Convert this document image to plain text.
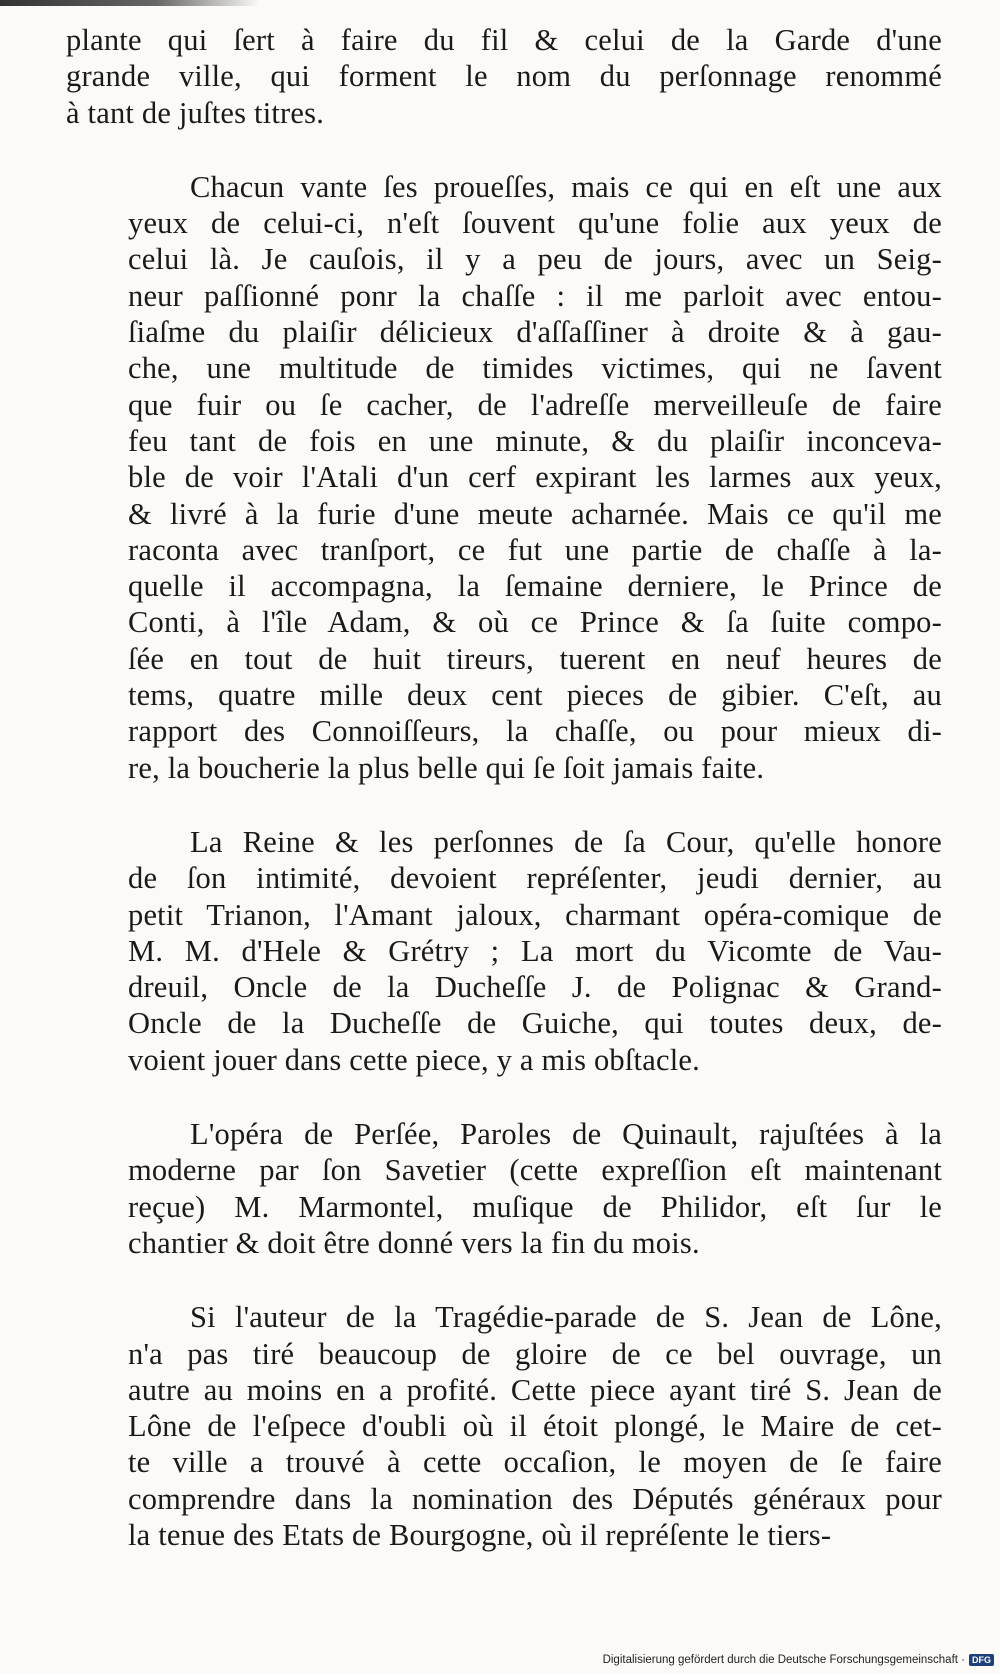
plante qui ſert à faire du fil & celui de la Garde d'une
grande ville, qui forment le nom du perſonnage renommé
à tant de juſtes titres.
Chacun vante ſes proueſſes, mais ce qui en eſt une aux
yeux de celui-ci, n'eſt ſouvent qu'une folie aux yeux de
celui là. Je cauſois, il y a peu de jours, avec un Seig-
neur paſſionné ponr la chaſſe : il me parloit avec entou-
ſiaſme du plaiſir délicieux d'aſſaſſiner à droite & à gau-
che, une multitude de timides victimes, qui ne ſavent
que fuir ou ſe cacher, de l'adreſſe merveilleuſe de faire
feu tant de fois en une minute, & du plaiſir inconceva-
ble de voir l'Atali d'un cerf expirant les larmes aux yeux,
& livré à la furie d'une meute acharnée. Mais ce qu'il me
raconta avec tranſport, ce fut une partie de chaſſe à la-
quelle il accompagna, la ſemaine derniere, le Prince de
Conti, à l'île Adam, & où ce Prince & ſa ſuite compo-
ſée en tout de huit tireurs, tuerent en neuf heures de
tems, quatre mille deux cent pieces de gibier. C'eſt, au
rapport des Connoiſſeurs, la chaſſe, ou pour mieux di-
re, la boucherie la plus belle qui ſe ſoit jamais faite.
La Reine & les perſonnes de ſa Cour, qu'elle honore
de ſon intimité, devoient repréſenter, jeudi dernier, au
petit Trianon, l'Amant jaloux, charmant opéra-comique de
M. M. d'Hele & Grétry ; La mort du Vicomte de Vau-
dreuil, Oncle de la Ducheſſe J. de Polignac & Grand-
Oncle de la Ducheſſe de Guiche, qui toutes deux, de-
voient jouer dans cette piece, y a mis obſtacle.
L'opéra de Perſée, Paroles de Quinault, rajuſtées à la
moderne par ſon Savetier (cette expreſſion eſt maintenant
reçue) M. Marmontel, muſique de Philidor, eſt ſur le
chantier & doit être donné vers la fin du mois.
Si l'auteur de la Tragédie-parade de S. Jean de Lône,
n'a pas tiré beaucoup de gloire de ce bel ouvrage, un
autre au moins en a profité. Cette piece ayant tiré S. Jean de
Lône de l'eſpece d'oubli où il étoit plongé, le Maire de cet-
te ville a trouvé à cette occaſion, le moyen de ſe faire
comprendre dans la nomination des Députés généraux pour
la tenue des Etats de Bourgogne, où il repréſente le tiers-
Digitalisierung gefördert durch die Deutsche Forschungsgemeinschaft · DFG
